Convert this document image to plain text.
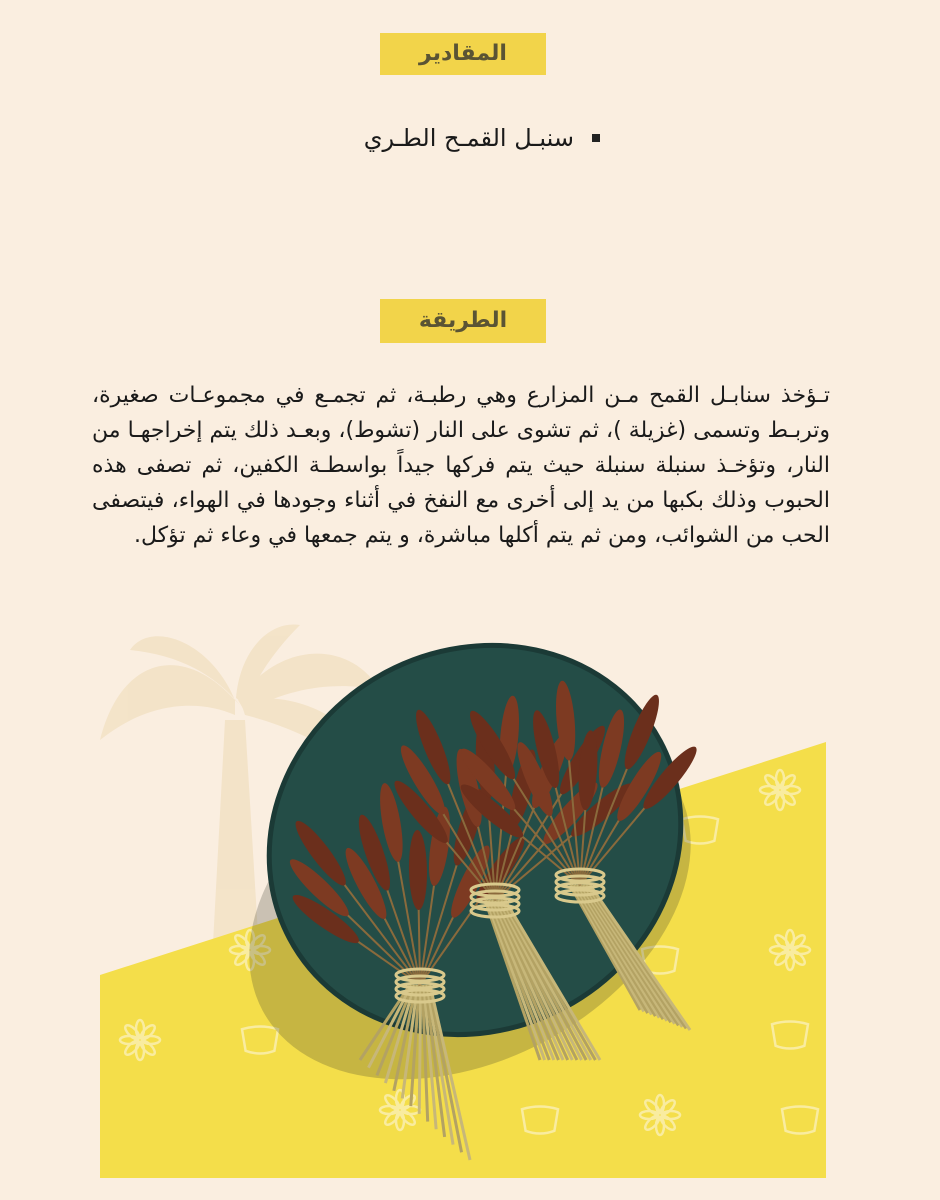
المقادير
سنبـل القمـح الطـري
الطريقة

تـؤخذ سنابـل القمح مـن المزارع وهي رطبـة، ثم تجمـع في مجموعـات صغيرة، وتربـط وتسمى (غزيلة )، ثم تشوى على النار (تشوط)، وبعـد ذلك يتم إخراجهـا من النار، وتؤخـذ سنبلة سنبلة حيث يتم فركها جيداً بواسطـة الكفين، ثم تصفى هذه الحبوب وذلك بكبها من يد إلى أخرى مع النفخ في أثناء وجودها في الهواء، فيتصفى الحب من الشوائب، ومن ثم يتم أكلها مباشرة، و يتم جمعها في وعاء ثم تؤكل.
